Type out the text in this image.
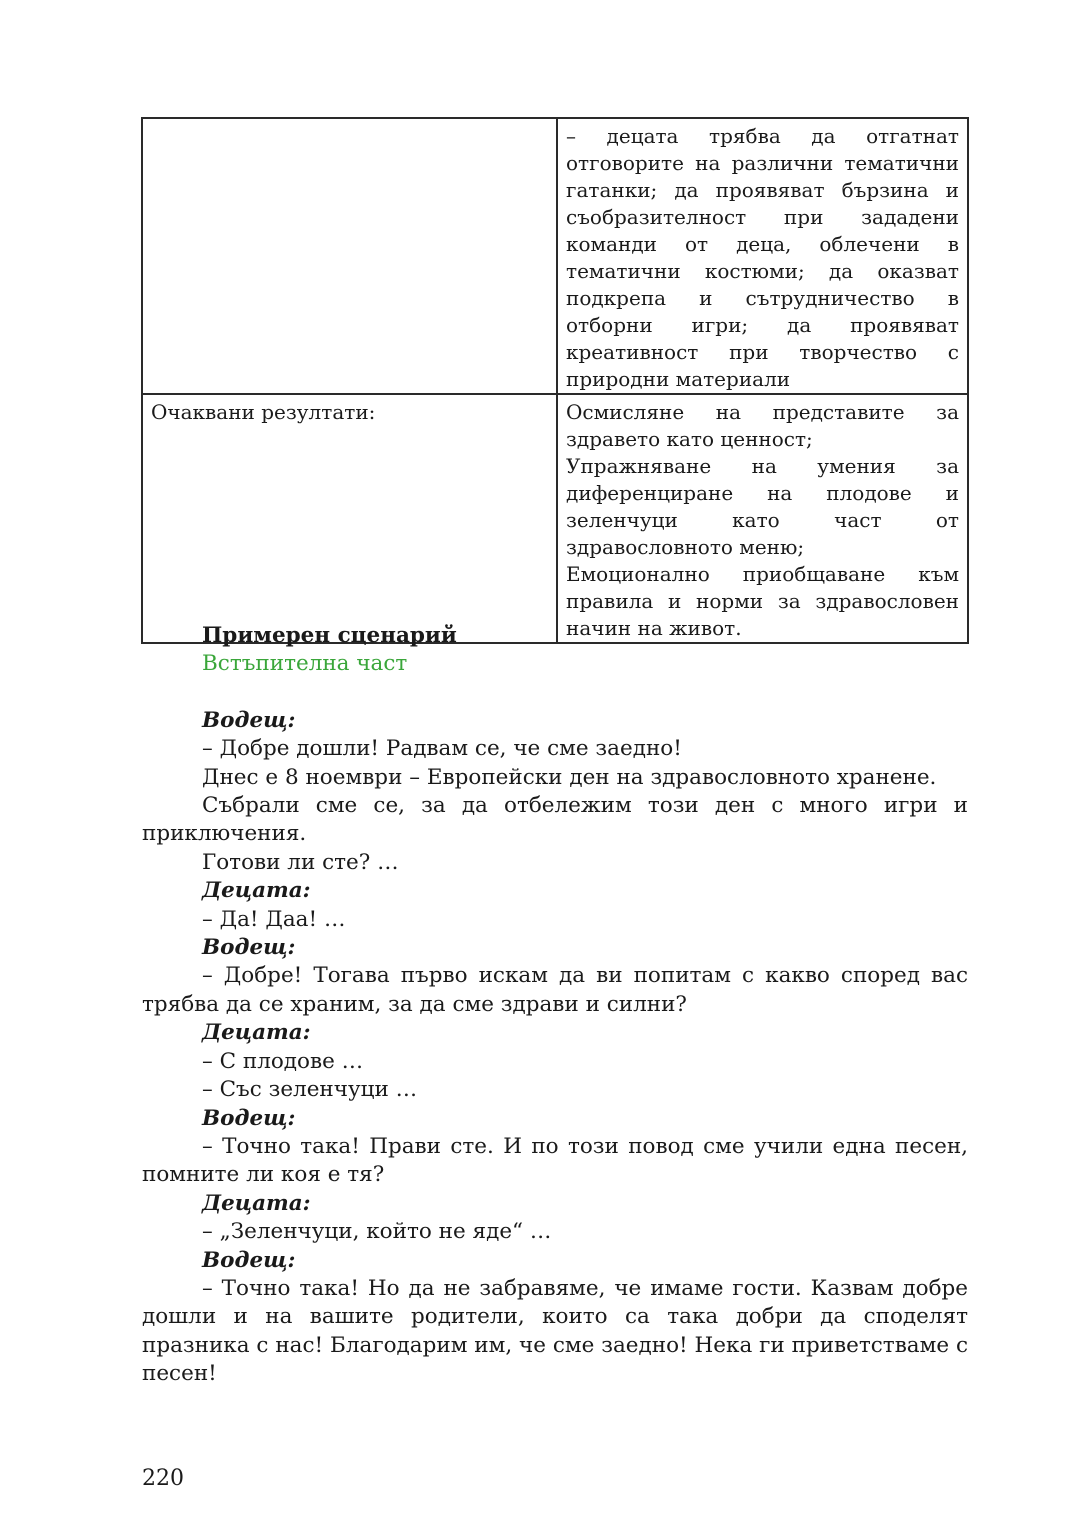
	– децата трябва да отгатнат отговорите на различни тематични гатанки; да проявяват бързина и съобразителност при зададени команди от деца, облечени в тематични костюми; да оказват подкрепа и сътрудничество в отборни игри; да проявяват креативност при творчество с природни материали
Очаквани резултати:	Осмисляне на представите за здравето като ценност;
Упражняване на умения за диференциране на плодове и зеленчуци като част от здравословното меню;
Емоционално приобщаване към правила и норми за здравословен начин на живот.

Примерен сценарий

Встъпителна част

Водещ:

– Добре дошли! Радвам се, че сме заедно!

Днес е 8 ноември – Европейски ден на здравословното хранене.

Събрали сме се, за да отбележим този ден с много игри и приключения.

Готови ли сте? …

Децата:

– Да! Даа! …

Водещ:

– Добре! Тогава първо искам да ви попитам с какво според вас трябва да се храним, за да сме здрави и силни?

Децата:

– С плодове …

– Със зеленчуци …

Водещ:

– Точно така! Прави сте. И по този повод сме учили една песен, помните ли коя е тя?

Децата:

– „Зеленчуци, който не яде“ …

Водещ:

– Точно така! Но да не забравяме, че имаме гости. Казвам добре дошли и на вашите родители, които са така добри да споделят празника с нас! Благодарим им, че сме заедно! Нека ги приветстваме с песен!

220
